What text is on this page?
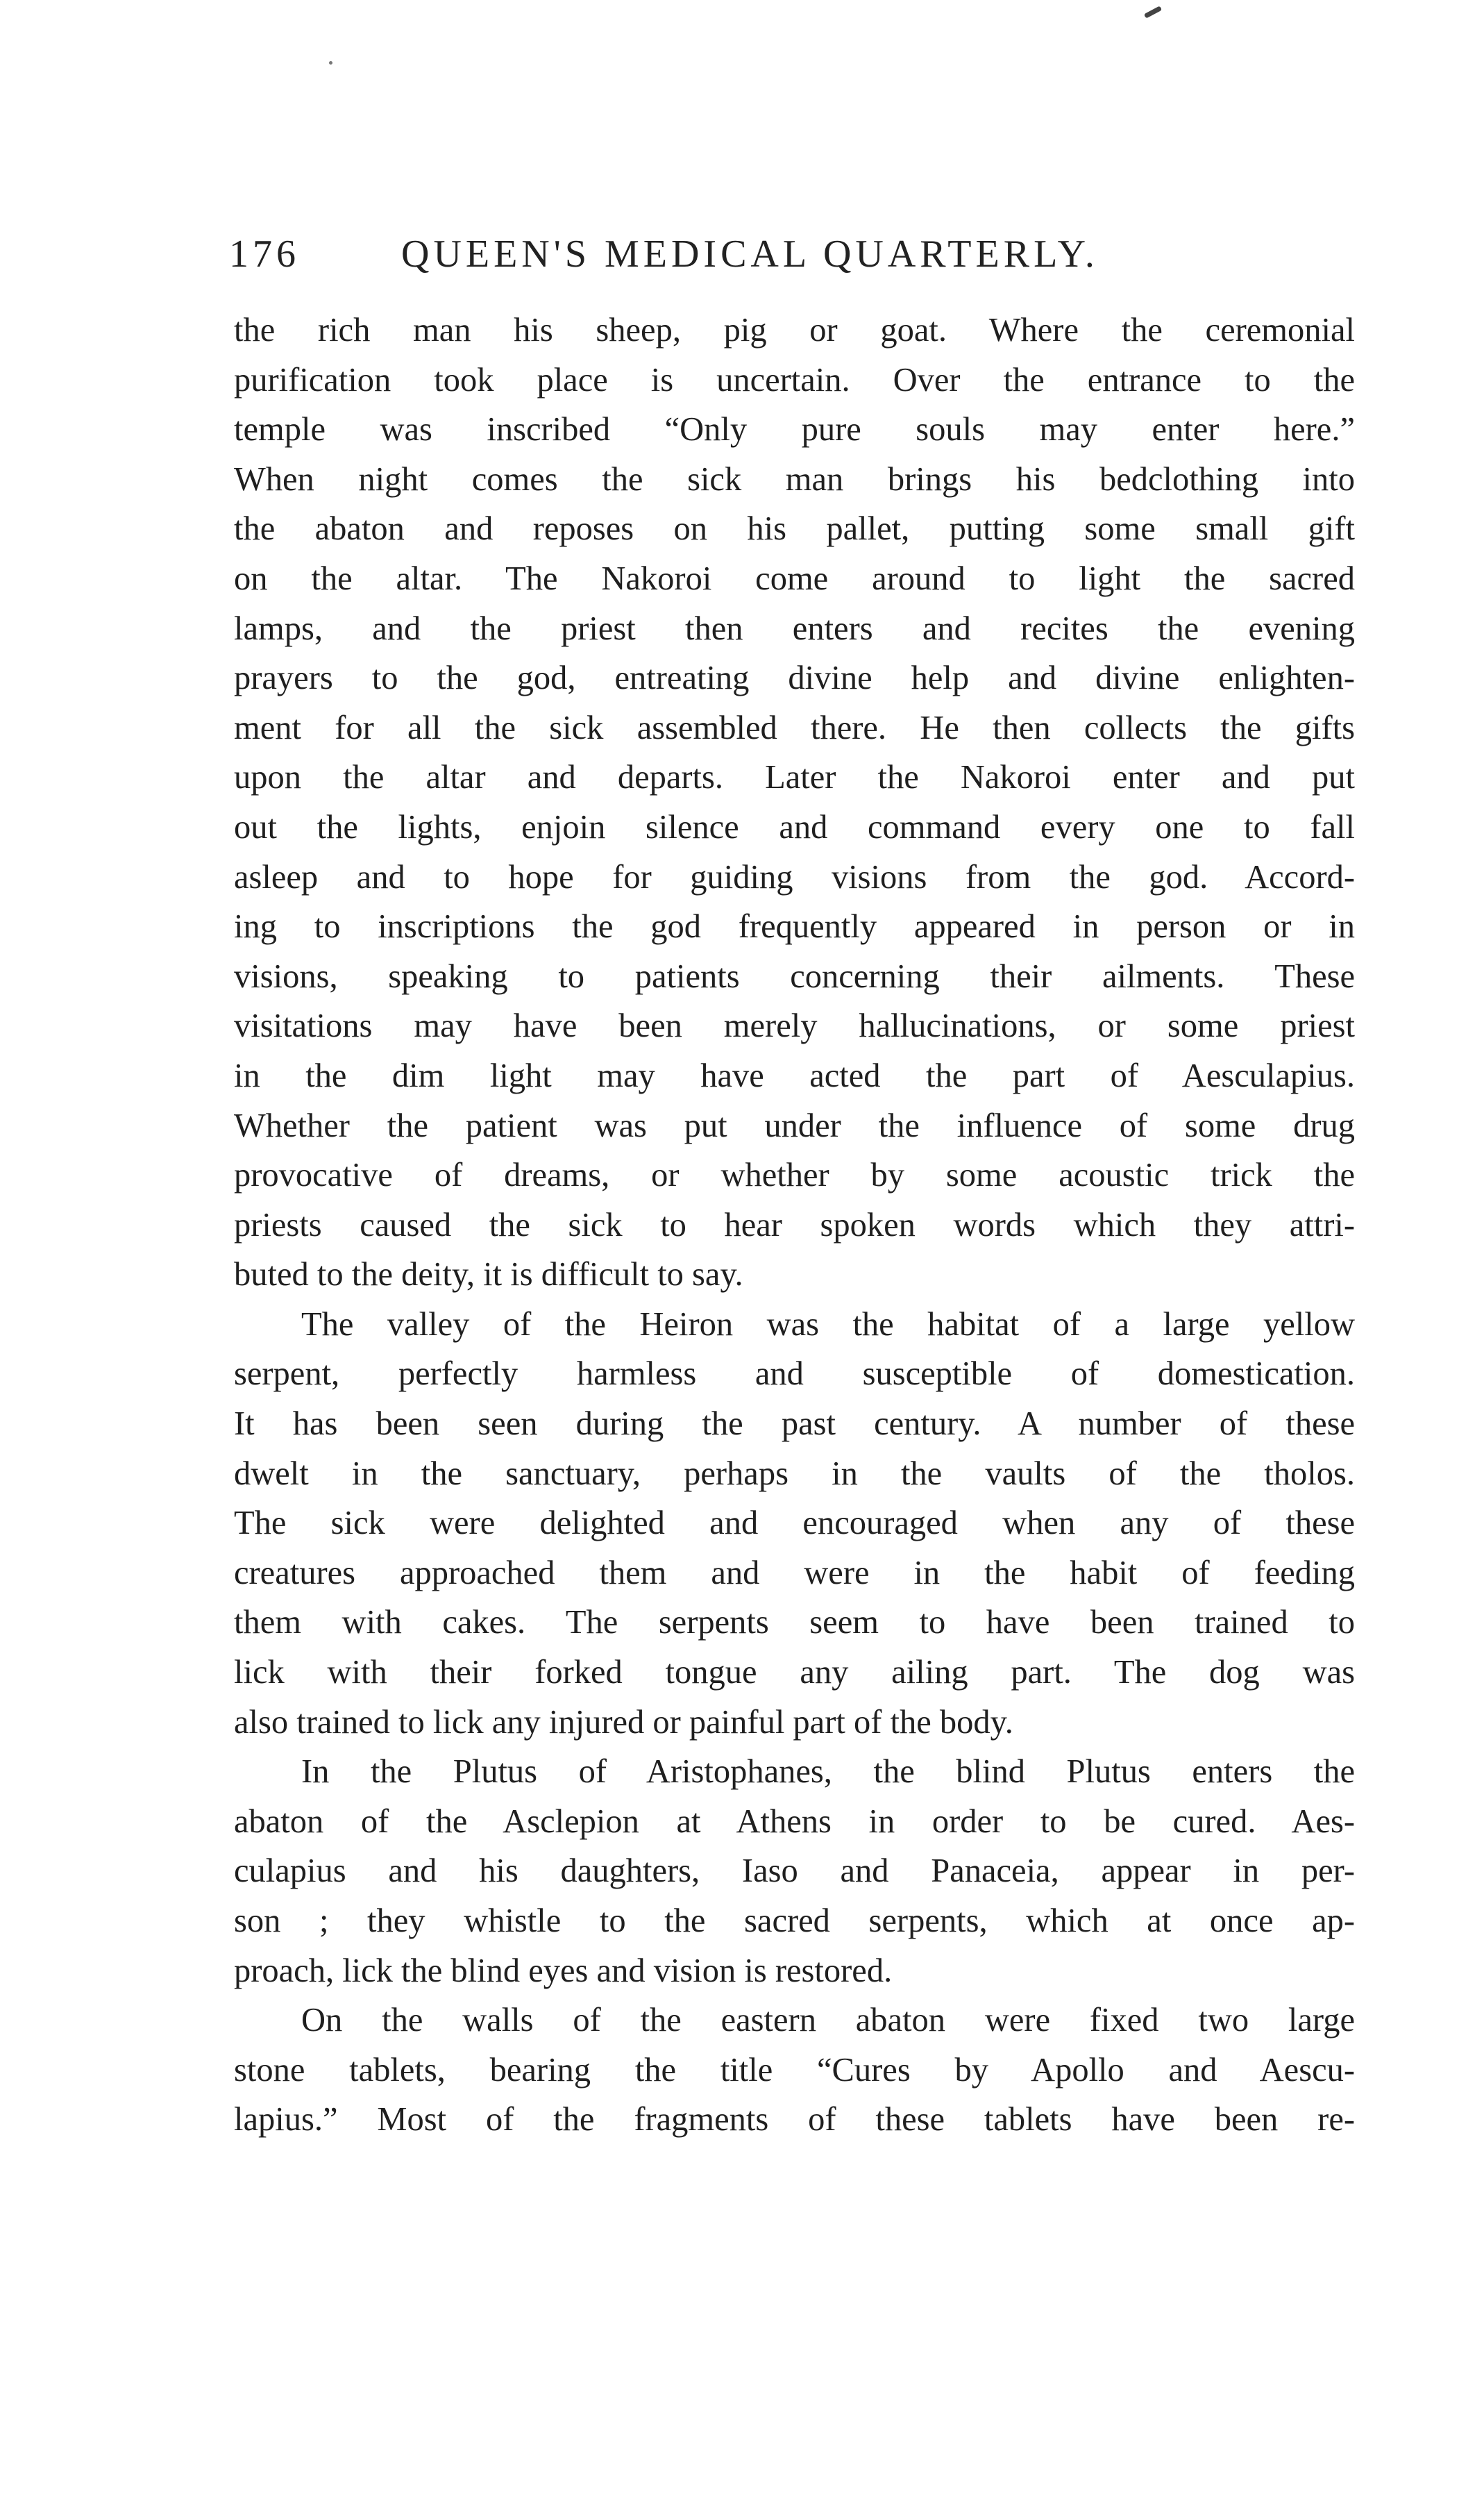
176	QUEEN'S MEDICAL QUARTERLY.
the rich man his sheep, pig or goat. Where the ceremonial
purification took place is uncertain. Over the entrance to the
temple was inscribed “Only pure souls may enter here.”
When night comes the sick man brings his bedclothing into
the abaton and reposes on his pallet, putting some small gift
on the altar. The Nakoroi come around to light the sacred
lamps, and the priest then enters and recites the evening
prayers to the god, entreating divine help and divine enlighten-
ment for all the sick assembled there. He then collects the gifts
upon the altar and departs. Later the Nakoroi enter and put
out the lights, enjoin silence and command every one to fall
asleep and to hope for guiding visions from the god. Accord-
ing to inscriptions the god frequently appeared in person or in
visions, speaking to patients concerning their ailments. These
visitations may have been merely hallucinations, or some priest
in the dim light may have acted the part of Aesculapius.
Whether the patient was put under the influence of some drug
provocative of dreams, or whether by some acoustic trick the
priests caused the sick to hear spoken words which they attri-
buted to the deity, it is difficult to say.
  The valley of the Heiron was the habitat of a large yellow
serpent, perfectly harmless and susceptible of domestication.
It has been seen during the past century. A number of these
dwelt in the sanctuary, perhaps in the vaults of the tholos.
The sick were delighted and encouraged when any of these
creatures approached them and were in the habit of feeding
them with cakes. The serpents seem to have been trained to
lick with their forked tongue any ailing part. The dog was
also trained to lick any injured or painful part of the body.
  In the Plutus of Aristophanes, the blind Plutus enters the
abaton of the Asclepion at Athens in order to be cured. Aes-
culapius and his daughters, Iaso and Panaceia, appear in per-
son ; they whistle to the sacred serpents, which at once ap-
proach, lick the blind eyes and vision is restored.
  On the walls of the eastern abaton were fixed two large
stone tablets, bearing the title “Cures by Apollo and Aescu-
lapius.” Most of the fragments of these tablets have been re-
